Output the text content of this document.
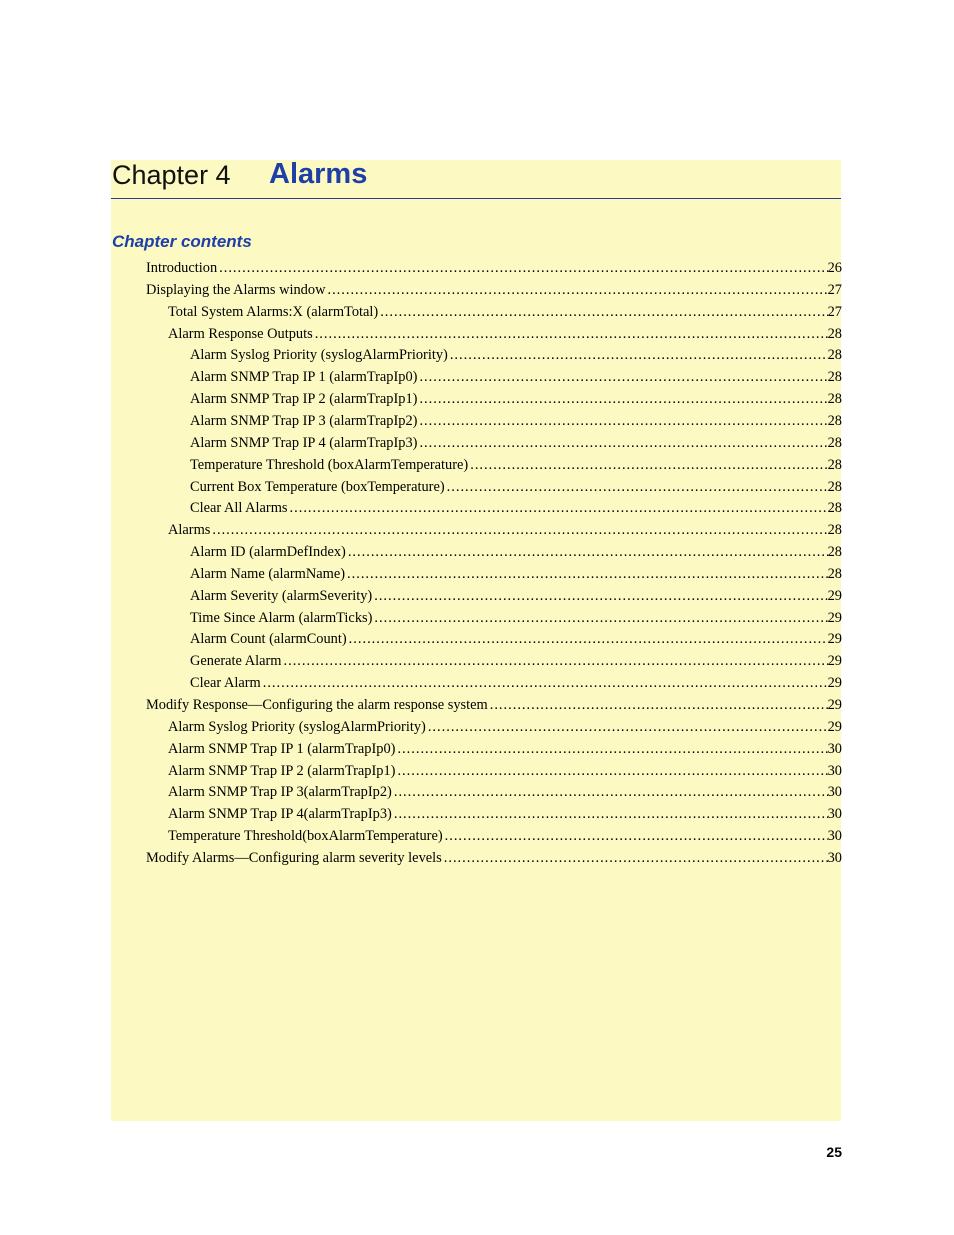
Chapter 4 Alarms
Chapter contents
Introduction .....	26
Displaying the Alarms window .....	27
Total System Alarms:X (alarmTotal) .....	27
Alarm Response Outputs .....	28
Alarm Syslog Priority (syslogAlarmPriority) .....	28
Alarm SNMP Trap IP 1 (alarmTrapIp0) .....	28
Alarm SNMP Trap IP 2 (alarmTrapIp1) .....	28
Alarm SNMP Trap IP 3 (alarmTrapIp2) .....	28
Alarm SNMP Trap IP 4 (alarmTrapIp3) .....	28
Temperature Threshold (boxAlarmTemperature) .....	28
Current Box Temperature (boxTemperature) .....	28
Clear All Alarms .....	28
Alarms .....	28
Alarm ID (alarmDefIndex) .....	28
Alarm Name (alarmName) .....	28
Alarm Severity (alarmSeverity) .....	29
Time Since Alarm (alarmTicks) .....	29
Alarm Count (alarmCount) .....	29
Generate Alarm .....	29
Clear Alarm .....	29
Modify Response—Configuring the alarm response system .....	29
Alarm Syslog Priority (syslogAlarmPriority) .....	29
Alarm SNMP Trap IP 1 (alarmTrapIp0) .....	30
Alarm SNMP Trap IP 2 (alarmTrapIp1) .....	30
Alarm SNMP Trap IP 3(alarmTrapIp2) .....	30
Alarm SNMP Trap IP 4(alarmTrapIp3) .....	30
Temperature Threshold(boxAlarmTemperature) .....	30
Modify Alarms—Configuring alarm severity levels .....	30
25
